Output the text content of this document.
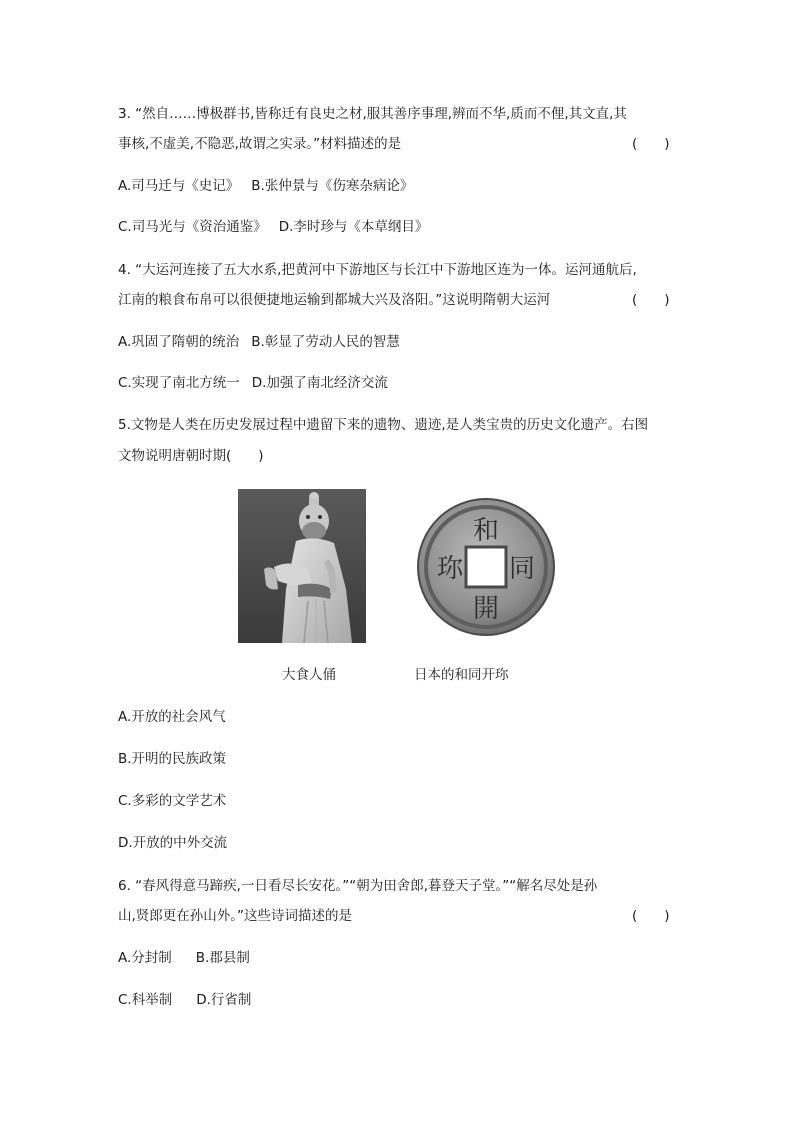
3. “然自……博极群书,皆称迁有良史之材,服其善序事理,辨而不华,质而不俚,其文直,其
事核,不虚美,不隐恶,故谓之实录。”材料描述的是	(　　)
A.司马迁与《史记》 B.张仲景与《伤寒杂病论》
C.司马光与《资治通鉴》 D.李时珍与《本草纲目》
4. “大运河连接了五大水系,把黄河中下游地区与长江中下游地区连为一体。运河通航后,
江南的粮食布帛可以很便捷地运输到都城大兴及洛阳。”这说明隋朝大运河	(　　)
A.巩固了隋朝的统治 B.彰显了劳动人民的智慧
C.实现了南北方统一 D.加强了南北经济交流
5.文物是人类在历史发展过程中遗留下来的遗物、遗迹,是人类宝贵的历史文化遗产。右图
文物说明唐朝时期(　　)
和
同
開
珎
大食人俑	日本的和同开珎
A.开放的社会风气
B.开明的民族政策
C.多彩的文学艺术
D.开放的中外交流
6. “春风得意马蹄疾,一日看尽长安花。”“朝为田舍郎,暮登天子堂。”“解名尽处是孙
山,贤郎更在孙山外。”这些诗词描述的是	(　　)
A.分封制 B.郡县制
C.科举制 D.行省制
